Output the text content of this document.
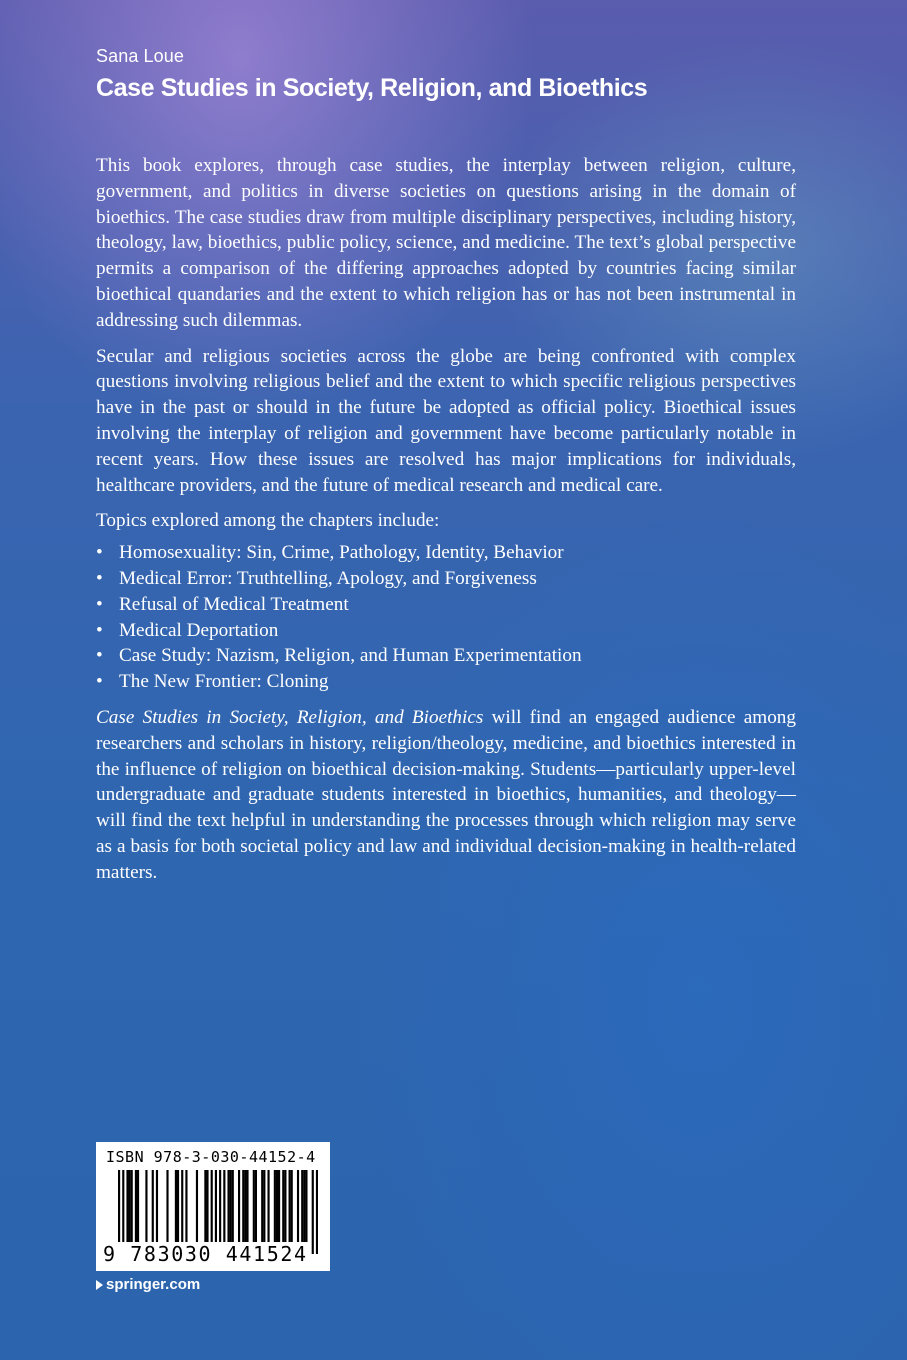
Sana Loue
Case Studies in Society, Religion, and Bioethics

This book explores, through case studies, the interplay between religion, culture, government, and politics in diverse societies on questions arising in the domain of bioethics. The case studies draw from multiple disciplinary perspectives, including history, theology, law, bioethics, public policy, science, and medicine. The text’s global perspective permits a comparison of the differing approaches adopted by countries facing similar bioethical quandaries and the extent to which religion has or has not been instrumental in addressing such dilemmas.

Secular and religious societies across the globe are being confronted with complex questions involving religious belief and the extent to which specific religious perspectives have in the past or should in the future be adopted as official policy. Bioethical issues involving the interplay of religion and government have become particularly notable in recent years. How these issues are resolved has major implications for individuals, healthcare providers, and the future of medical research and medical care.

Topics explored among the chapters include:

• Homosexuality: Sin, Crime, Pathology, Identity, Behavior
• Medical Error: Truthtelling, Apology, and Forgiveness
• Refusal of Medical Treatment
• Medical Deportation
• Case Study: Nazism, Religion, and Human Experimentation
• The New Frontier: Cloning

Case Studies in Society, Religion, and Bioethics will find an engaged audience among researchers and scholars in history, religion/theology, medicine, and bioethics interested in the influence of religion on bioethical decision-making. Students—particularly upper-level undergraduate and graduate students interested in bioethics, humanities, and theology—will find the text helpful in understanding the processes through which religion may serve as a basis for both societal policy and law and individual decision-making in health-related matters.

ISBN 978-3-030-44152-4
9 783030 441524
springer.com
